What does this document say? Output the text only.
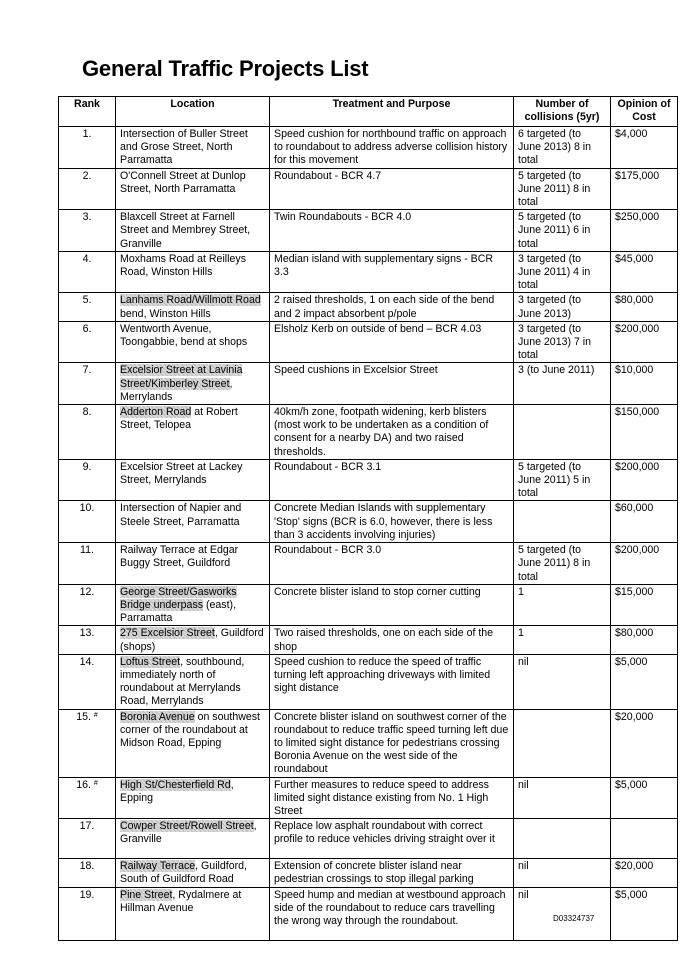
General Traffic Projects List
Rank	Location	Treatment and Purpose	Number of collisions (5yr)	Opinion of Cost
1.	Intersection of Buller Street and Grose Street, North Parramatta	Speed cushion for northbound traffic on approach to roundabout to address adverse collision history for this movement	6 targeted (to June 2013) 8 in total	$4,000
2.	O'Connell Street at Dunlop Street, North Parramatta	Roundabout - BCR 4.7	5 targeted (to June 2011) 8 in total	$175,000
3.	Blaxcell Street at Farnell Street and Membrey Street, Granville	Twin Roundabouts - BCR 4.0	5 targeted (to June 2011) 6 in total	$250,000
4.	Moxhams Road at Reilleys Road, Winston Hills	Median island with supplementary signs - BCR 3.3	3 targeted (to June 2011) 4 in total	$45,000
5.	Lanhams Road/Willmott Road bend, Winston Hills	2 raised thresholds, 1 on each side of the bend and 2 impact absorbent p/pole	3 targeted (to June 2013)	$80,000
6.	Wentworth Avenue, Toongabbie, bend at shops	Elsholz Kerb on outside of bend – BCR 4.03	3 targeted (to June 2013) 7 in total	$200,000
7.	Excelsior Street at Lavinia Street/Kimberley Street, Merrylands	Speed cushions in Excelsior Street	3 (to June 2011)	$10,000
8.	Adderton Road at Robert Street, Telopea	40km/h zone, footpath widening, kerb blisters (most work to be undertaken as a condition of consent for a nearby DA) and two raised thresholds.		$150,000
9.	Excelsior Street at Lackey Street, Merrylands	Roundabout - BCR 3.1	5 targeted (to June 2011) 5 in total	$200,000
10.	Intersection of Napier and Steele Street, Parramatta	Concrete Median Islands with supplementary 'Stop' signs (BCR is 6.0, however, there is less than 3 accidents involving injuries)		$60,000
11.	Railway Terrace at Edgar Buggy Street, Guildford	Roundabout - BCR 3.0	5 targeted (to June 2011) 8 in total	$200,000
12.	George Street/Gasworks Bridge underpass (east), Parramatta	Concrete blister island to stop corner cutting	1	$15,000
13.	275 Excelsior Street, Guildford (shops)	Two raised thresholds, one on each side of the shop	1	$80,000
14.	Loftus Street, southbound, immediately north of roundabout at Merrylands Road, Merrylands	Speed cushion to reduce the speed of traffic turning left approaching driveways with limited sight distance	nil	$5,000
15. #	Boronia Avenue on southwest corner of the roundabout at Midson Road, Epping	Concrete blister island on southwest corner of the roundabout to reduce traffic speed turning left due to limited sight distance for pedestrians crossing Boronia Avenue on the west side of the roundabout		$20,000
16. #	High St/Chesterfield Rd, Epping	Further measures to reduce speed to address limited sight distance existing from No. 1 High Street	nil	$5,000
17.	Cowper Street/Rowell Street, Granville	Replace low asphalt roundabout with correct profile to reduce vehicles driving straight over it		
18.	Railway Terrace, Guildford, South of Guildford Road	Extension of concrete blister island near pedestrian crossings to stop illegal parking	nil	$20,000
19.	Pine Street, Rydalmere at Hillman Avenue	Speed hump and median at westbound approach side of the roundabout to reduce cars travelling the wrong way through the roundabout.	nil	$5,000
D03324737
